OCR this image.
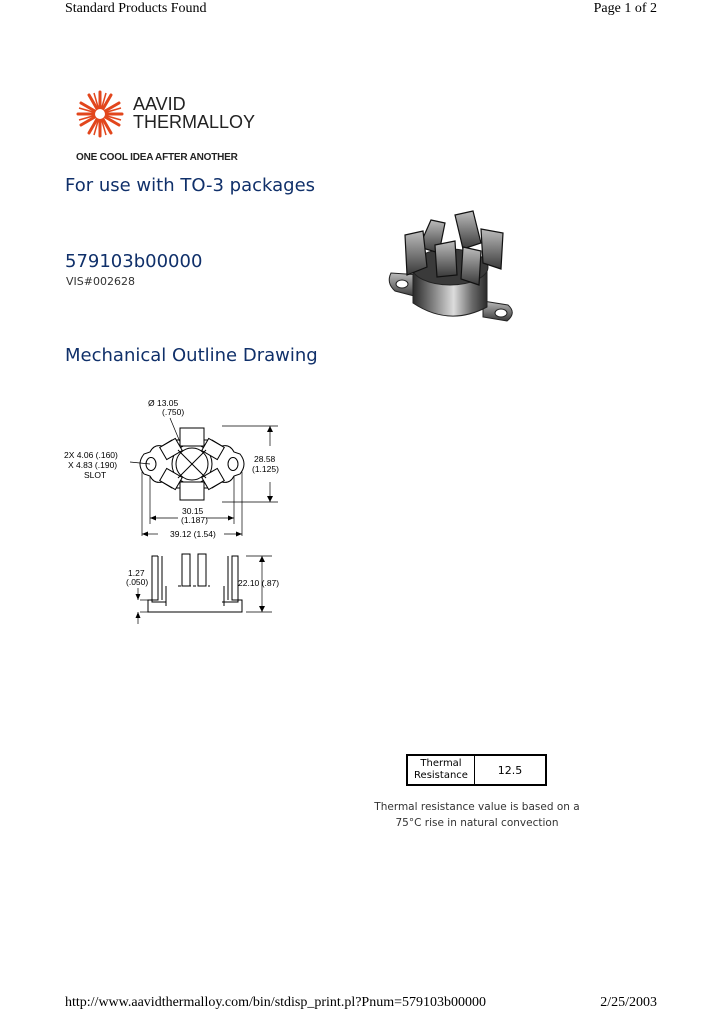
Standard Products Found	Page 1 of 2
AAVID
THERMALLOY
ONE COOL IDEA AFTER ANOTHER
For use with TO-3 packages
579103b00000
VIS#002628
Mechanical Outline Drawing
Ø 13.05
(.750)
2X 4.06 (.160)
X 4.83 (.190)
SLOT
28.58
(1.125)
30.15
(1.187)
39.12 (1.54)
1.27
(.050)	22.10 (.87)
Thermal
Resistance	12.5
Thermal resistance value is based on a
75°C rise in natural convection
http://www.aavidthermalloy.com/bin/stdisp_print.pl?Pnum=579103b00000	2/25/2003
